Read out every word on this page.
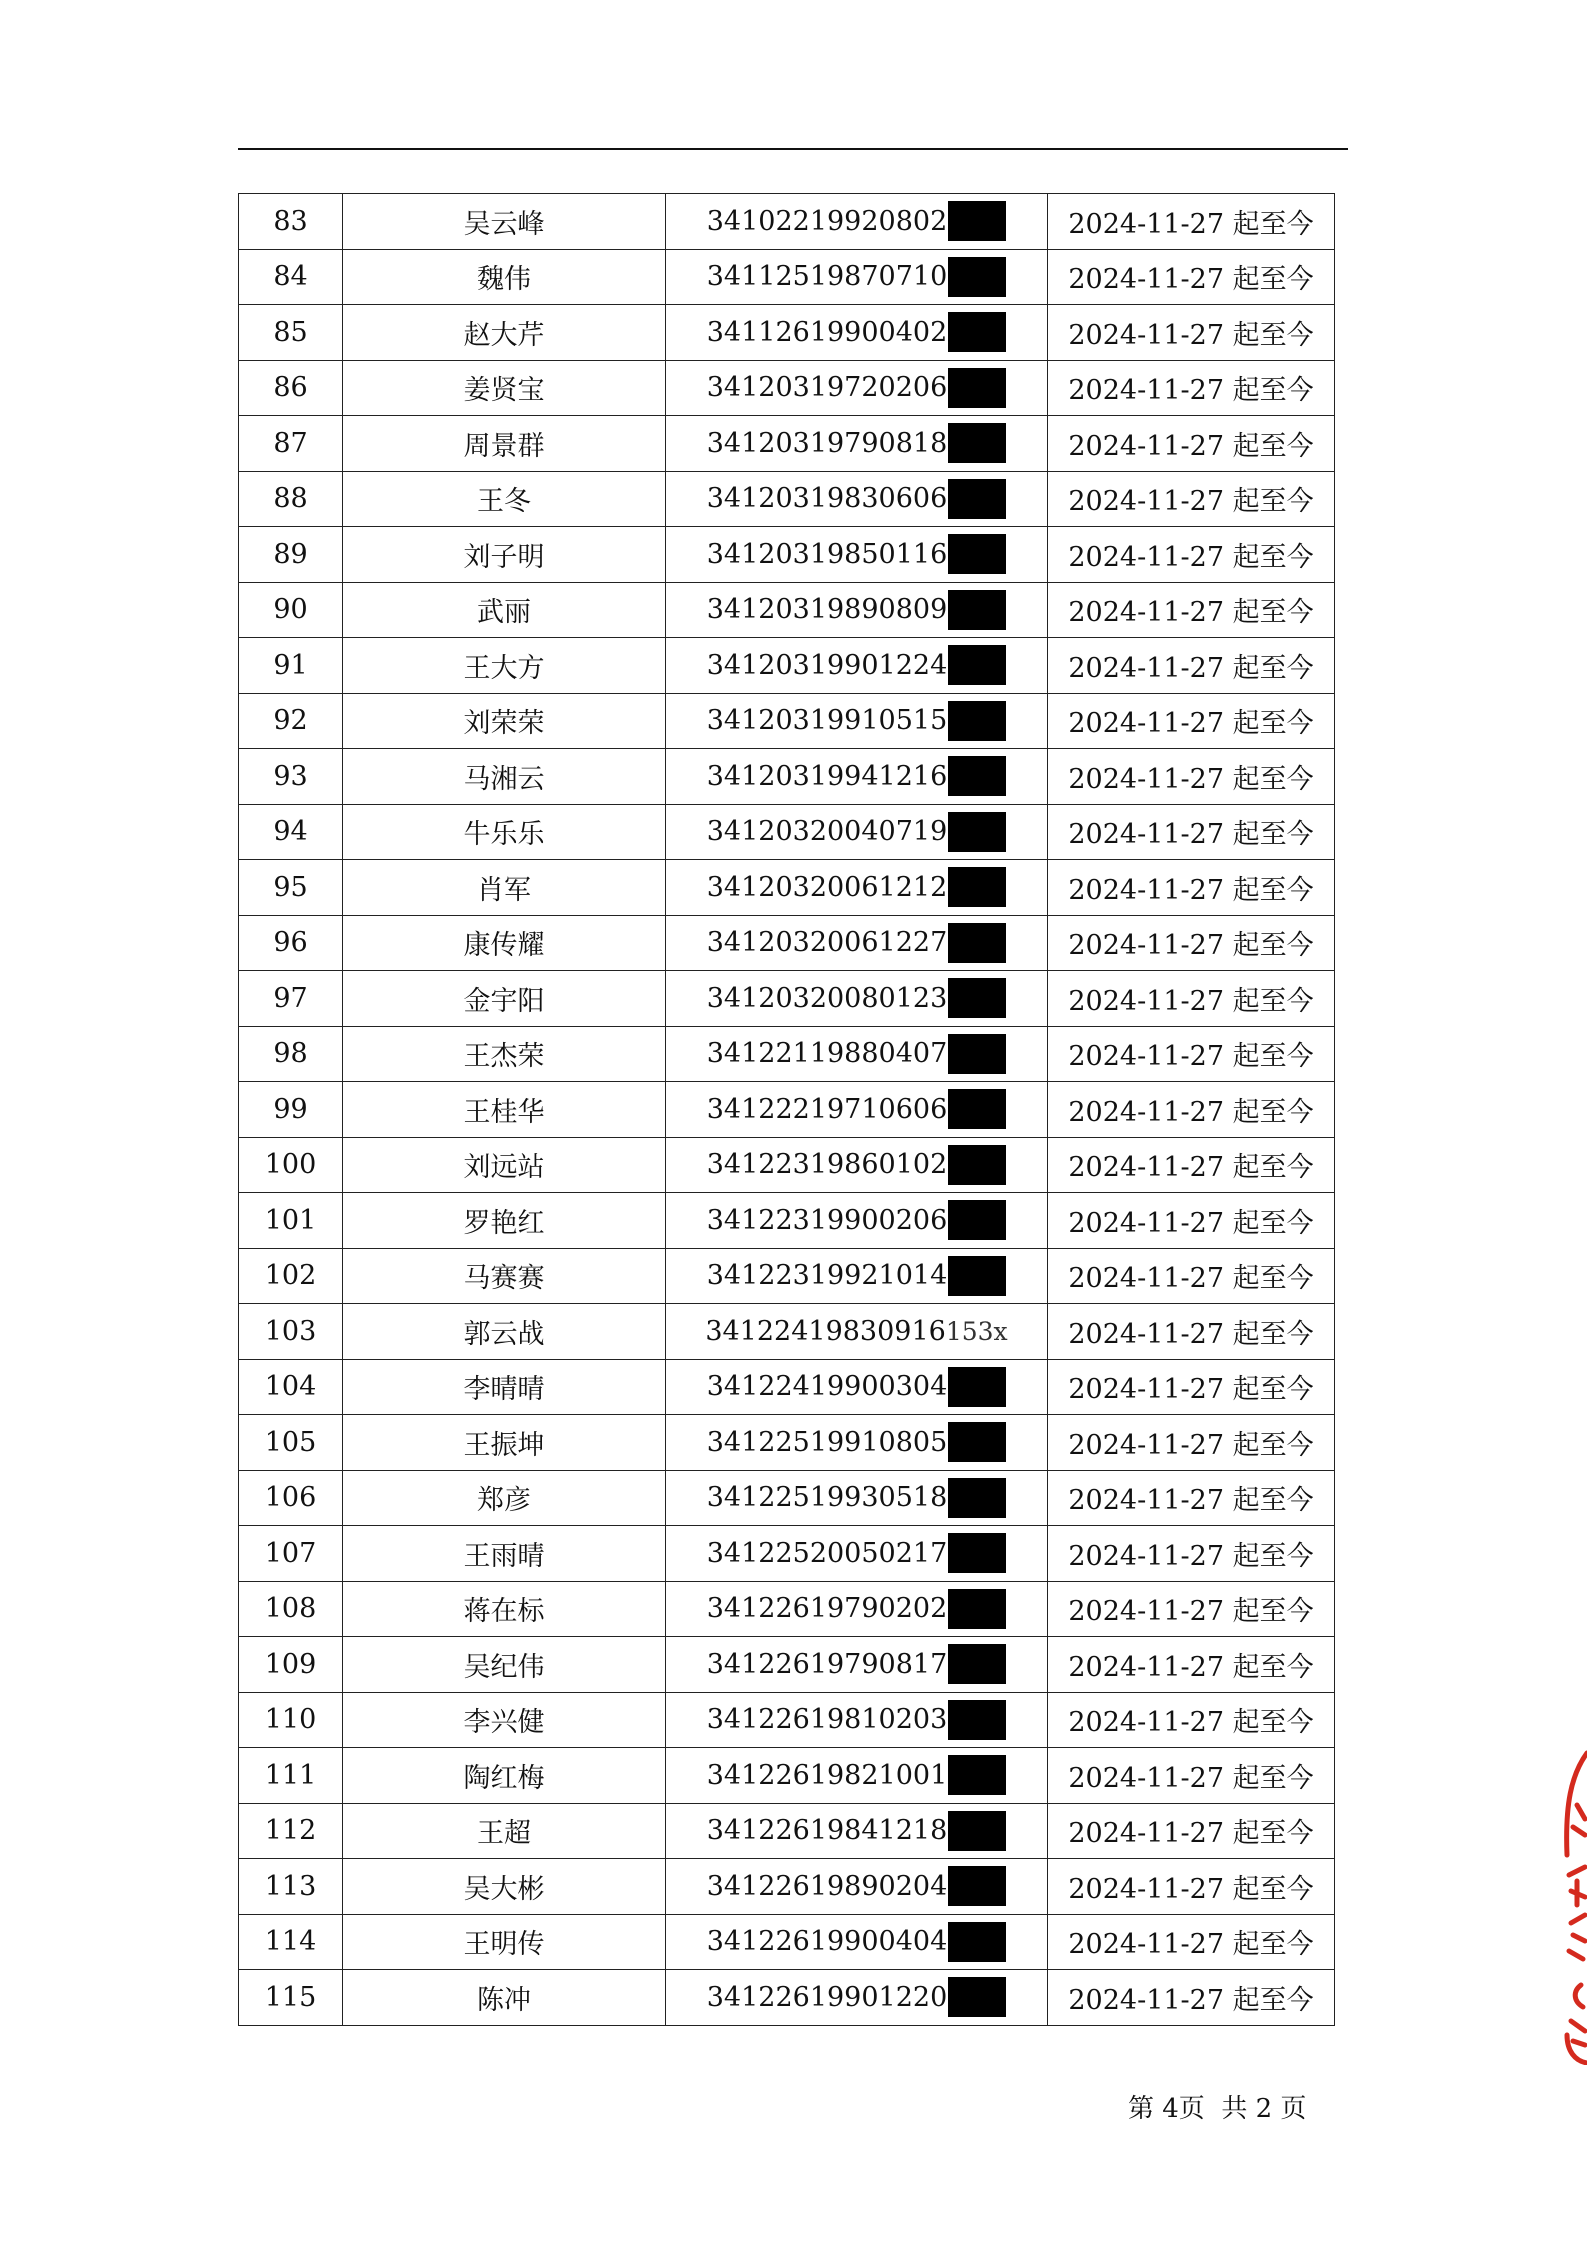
83	吴云峰	34102219920802	2024-11-27 起至今
84	魏伟	34112519870710	2024-11-27 起至今
85	赵大芹	34112619900402	2024-11-27 起至今
86	姜贤宝	34120319720206	2024-11-27 起至今
87	周景群	34120319790818	2024-11-27 起至今
88	王冬	34120319830606	2024-11-27 起至今
89	刘子明	34120319850116	2024-11-27 起至今
90	武丽	34120319890809	2024-11-27 起至今
91	王大方	34120319901224	2024-11-27 起至今
92	刘荣荣	34120319910515	2024-11-27 起至今
93	马湘云	34120319941216	2024-11-27 起至今
94	牛乐乐	34120320040719	2024-11-27 起至今
95	肖军	34120320061212	2024-11-27 起至今
96	康传耀	34120320061227	2024-11-27 起至今
97	金宇阳	34120320080123	2024-11-27 起至今
98	王杰荣	34122119880407	2024-11-27 起至今
99	王桂华	34122219710606	2024-11-27 起至今
100	刘远站	34122319860102	2024-11-27 起至今
101	罗艳红	34122319900206	2024-11-27 起至今
102	马赛赛	34122319921014	2024-11-27 起至今
103	郭云战	34122419830916 153x	2024-11-27 起至今
104	李晴晴	34122419900304	2024-11-27 起至今
105	王振坤	34122519910805	2024-11-27 起至今
106	郑彦	34122519930518	2024-11-27 起至今
107	王雨晴	34122520050217	2024-11-27 起至今
108	蒋在标	34122619790202	2024-11-27 起至今
109	吴纪伟	34122619790817	2024-11-27 起至今
110	李兴健	34122619810203	2024-11-27 起至今
111	陶红梅	34122619821001	2024-11-27 起至今
112	王超	34122619841218	2024-11-27 起至今
113	吴大彬	34122619890204	2024-11-27 起至今
114	王明传	34122619900404	2024-11-27 起至今
115	陈冲	34122619901220	2024-11-27 起至今
第 4页  共 2 页
